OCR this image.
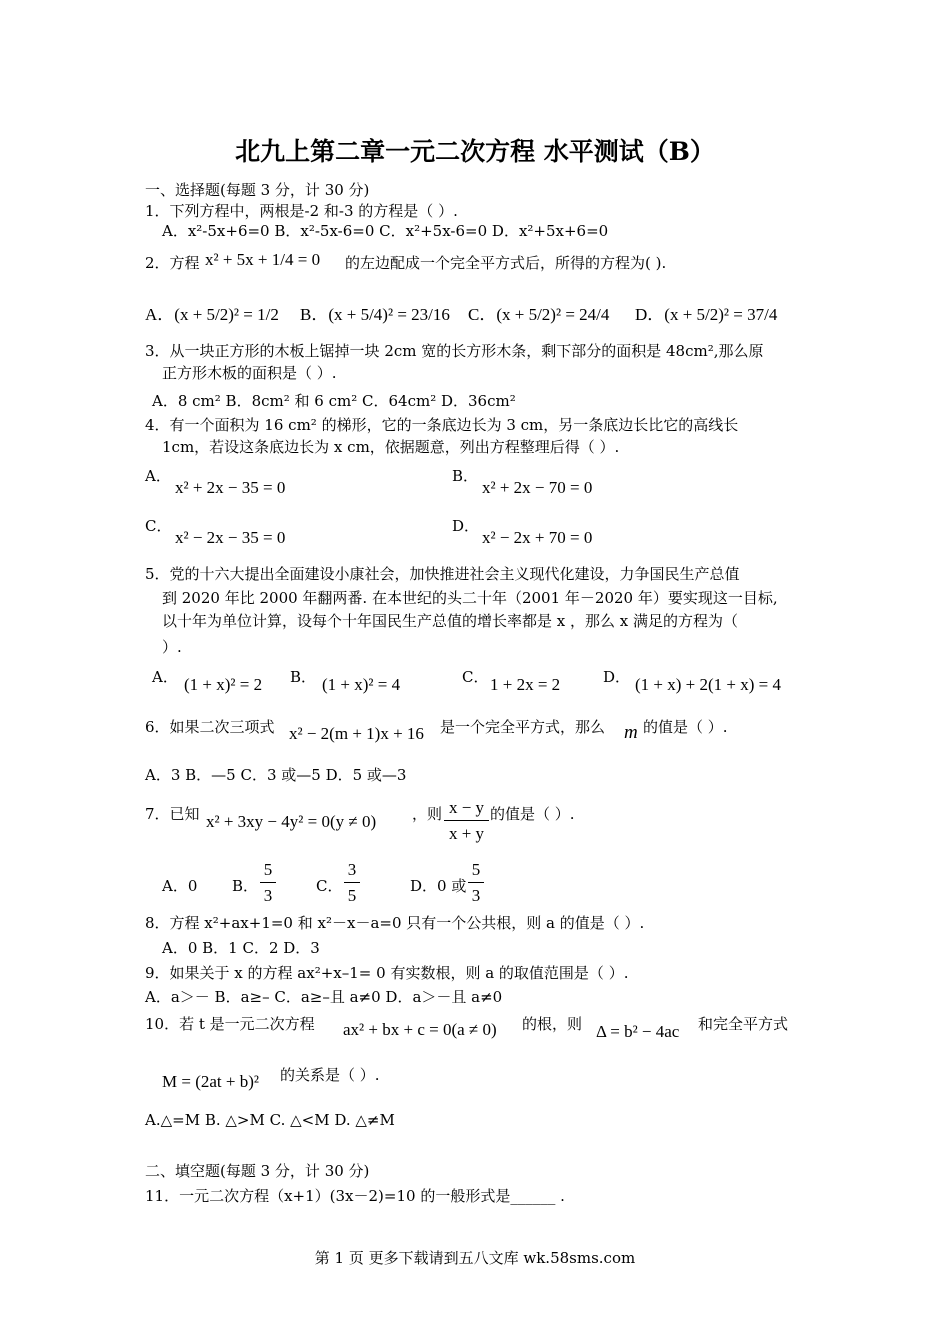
北九上第二章一元二次方程 水平测试（B）
一、选择题(每题 3 分，计 30 分)
1．下列方程中，两根是-2 和-3 的方程是（ ）.
A．x²-5x+6=0 B．x²-5x-6=0 C．x²+5x-6=0 D．x²+5x+6=0
2．方程 x² + 5x + 1/4 = 0 的左边配成一个完全平方式后，所得的方程为( ).
A．(x + 5/2)² = 1/2 B．(x + 5/4)² = 23/16 C．(x + 5/2)² = 24/4 D．(x + 5/2)² = 37/4
3．从一块正方形的木板上锯掉一块 2cm 宽的长方形木条，剩下部分的面积是 48cm²,那么原
正方形木板的面积是（ ）.
A．8 cm² B．8cm² 和 6 cm² C．64cm² D．36cm²
4．有一个面积为 16 cm² 的梯形，它的一条底边长为 3 cm，另一条底边长比它的高线长
1cm，若设这条底边长为 x cm，依据题意，列出方程整理后得（ ）.
A．
x² + 2x − 35 = 0
B．
x² + 2x − 70 = 0
C．
x² − 2x − 35 = 0
D．
x² − 2x + 70 = 0
5．党的十六大提出全面建设小康社会，加快推进社会主义现代化建设，力争国民生产总值
到 2020 年比 2000 年翻两番. 在本世纪的头二十年（2001 年－2020 年）要实现这一目标,
以十年为单位计算，设每个十年国民生产总值的增长率都是 x ，那么 x 满足的方程为（
）.
A． (1 + x)² = 2 B． (1 + x)² = 4	C． 1 + 2x = 2	D． (1 + x) + 2(1 + x) = 4
6．如果二次三项式 x² − 2(m + 1)x + 16 是一个完全平方式，那么 m 的值是（ ）.
A．3 B．—5 C．3 或—5 D．5 或—3
7．已知 x² + 3xy − 4y² = 0(y ≠ 0) ，则 x − y
x + y
的值是（ ）.
A．0 B．
5
3	C．
3
5	D．0 或
5
3
8．方程 x²+ax+1=0 和 x²－x－a=0 只有一个公共根，则 a 的值是（ ）.
A．0 B．1 C．2 D．3
9．如果关于 x 的方程 ax²+x–1= 0 有实数根，则 a 的取值范围是（ ）.
A．a＞－ B．a≥– C．a≥–且 a≠0 D．a＞－且 a≠0
10．若 t 是一元二次方程 ax² + bx + c = 0(a ≠ 0) 的根，则 Δ = b² − 4ac 和完全平方式
M = (2at + b)² 的关系是（ ）.
A.△=M B. △>M C. △<M D. △≠M
二、填空题(每题 3 分，计 30 分)
11．一元二次方程（x+1）(3x－2)=10 的一般形式是______ .
第 1 页 更多下载请到五八文库 wk.58sms.com
